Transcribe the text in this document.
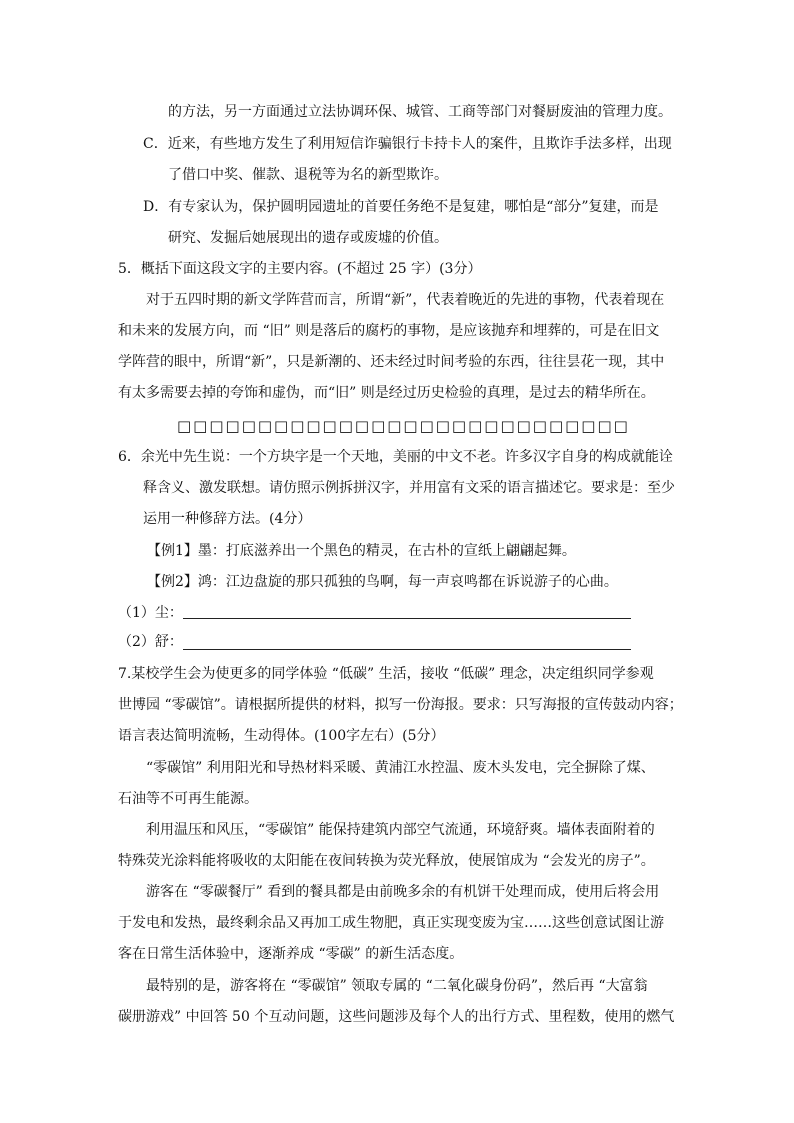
的方法，另一方面通过立法协调环保、城管、工商等部门对餐厨废油的管理力度。
C．近来，有些地方发生了利用短信诈骗银行卡持卡人的案件，且欺诈手法多样，出现
了借口中奖、催款、退税等为名的新型欺诈。
D．有专家认为，保护圆明园遗址的首要任务绝不是复建，哪怕是“部分”复建，而是
研究、发掘后她展现出的遗存或废墟的价值。
5．概括下面这段文字的主要内容。(不超过 25 字）(3分）
对于五四时期的新文学阵营而言，所谓“新”，代表着晚近的先进的事物，代表着现在
和未来的发展方向，而 “旧” 则是落后的腐朽的事物，是应该抛弃和埋葬的，可是在旧文
学阵营的眼中，所谓“新”，只是新潮的、还未经过时间考验的东西，往往昙花一现，其中
有太多需要去掉的夸饰和虚伪，而“旧” 则是经过历史检验的真理，是过去的精华所在。
□□□□□□□□□□□□□□□□□□□□□□□□□□□□
6．余光中先生说：一个方块字是一个天地，美丽的中文不老。许多汉字自身的构成就能诠
释含义、激发联想。请仿照示例拆拼汉字，并用富有文采的语言描述它。要求是：至少
运用一种修辞方法。(4分）
【例1】墨：打底滋养出一个黑色的精灵，在古朴的宣纸上翩翩起舞。
【例2】鸿：江边盘旋的那只孤独的鸟啊，每一声哀鸣都在诉说游子的心曲。
（1）尘：
（2）舒：
7.某校学生会为使更多的同学体验 “低碳” 生活，接收 “低碳” 理念，决定组织同学参观
世博园 “零碳馆”。请根据所提供的材料，拟写一份海报。要求：只写海报的宣传鼓动内容；
语言表达简明流畅，生动得体。(100字左右）(5分）
“零碳馆” 利用阳光和导热材料采暖、黄浦江水控温、废木头发电，完全摒除了煤、
石油等不可再生能源。
利用温压和风压，“零碳馆” 能保持建筑内部空气流通，环境舒爽。墙体表面附着的
特殊荧光涂料能将吸收的太阳能在夜间转换为荧光释放，使展馆成为 “会发光的房子”。
游客在 “零碳餐厅” 看到的餐具都是由前晚多余的有机饼干处理而成，使用后将会用
于发电和发热，最终剩余品又再加工成生物肥，真正实现变废为宝……这些创意试图让游
客在日常生活体验中，逐渐养成 “零碳” 的新生活态度。
最特别的是，游客将在 “零碳馆” 领取专属的 “二氧化碳身份码”，然后再 “大富翁
碳册游戏” 中回答 50 个互动问题，这些问题涉及每个人的出行方式、里程数，使用的燃气
